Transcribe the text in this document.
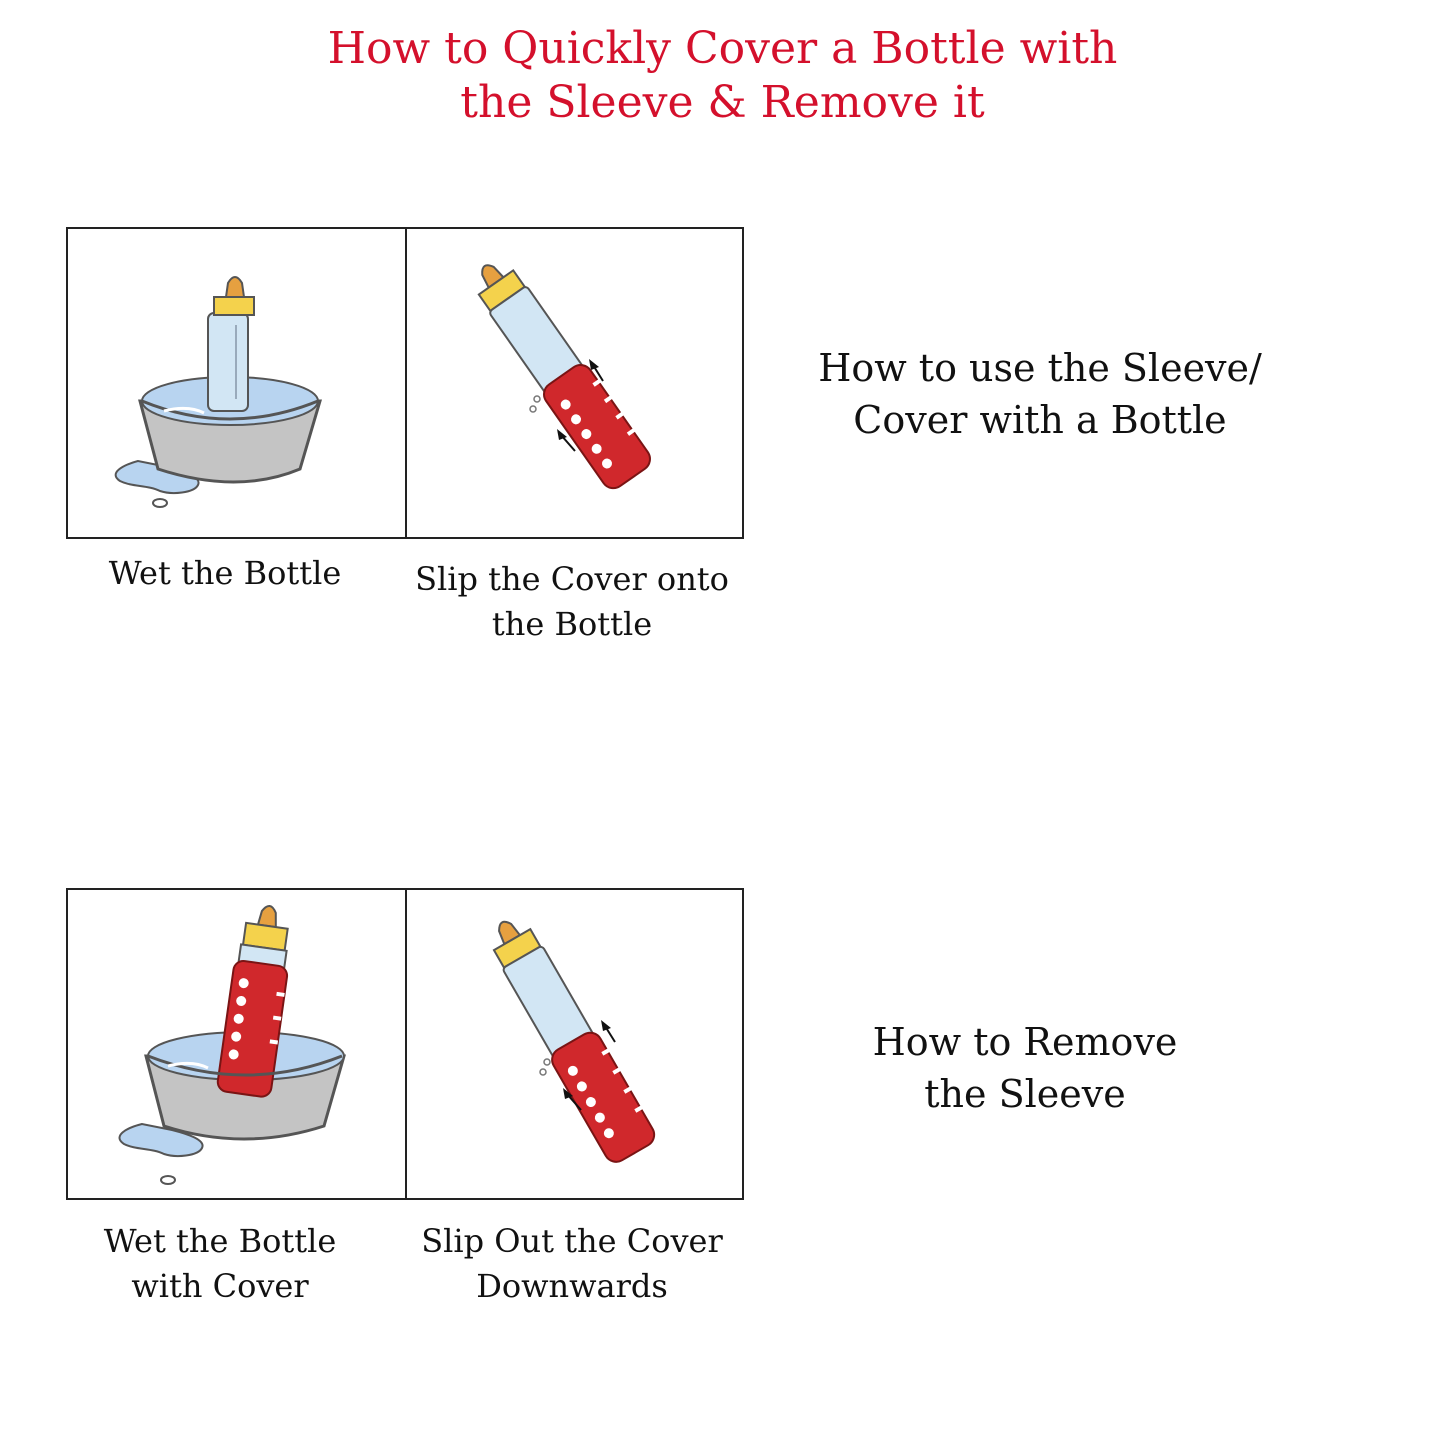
How to Quickly Cover a Bottle with
the Sleeve & Remove it
Wet the Bottle	Slip the Cover onto
the Bottle
How to use the Sleeve/
Cover with a Bottle
Wet the Bottle
with Cover
Slip Out the Cover
Downwards
How to Remove
the Sleeve
